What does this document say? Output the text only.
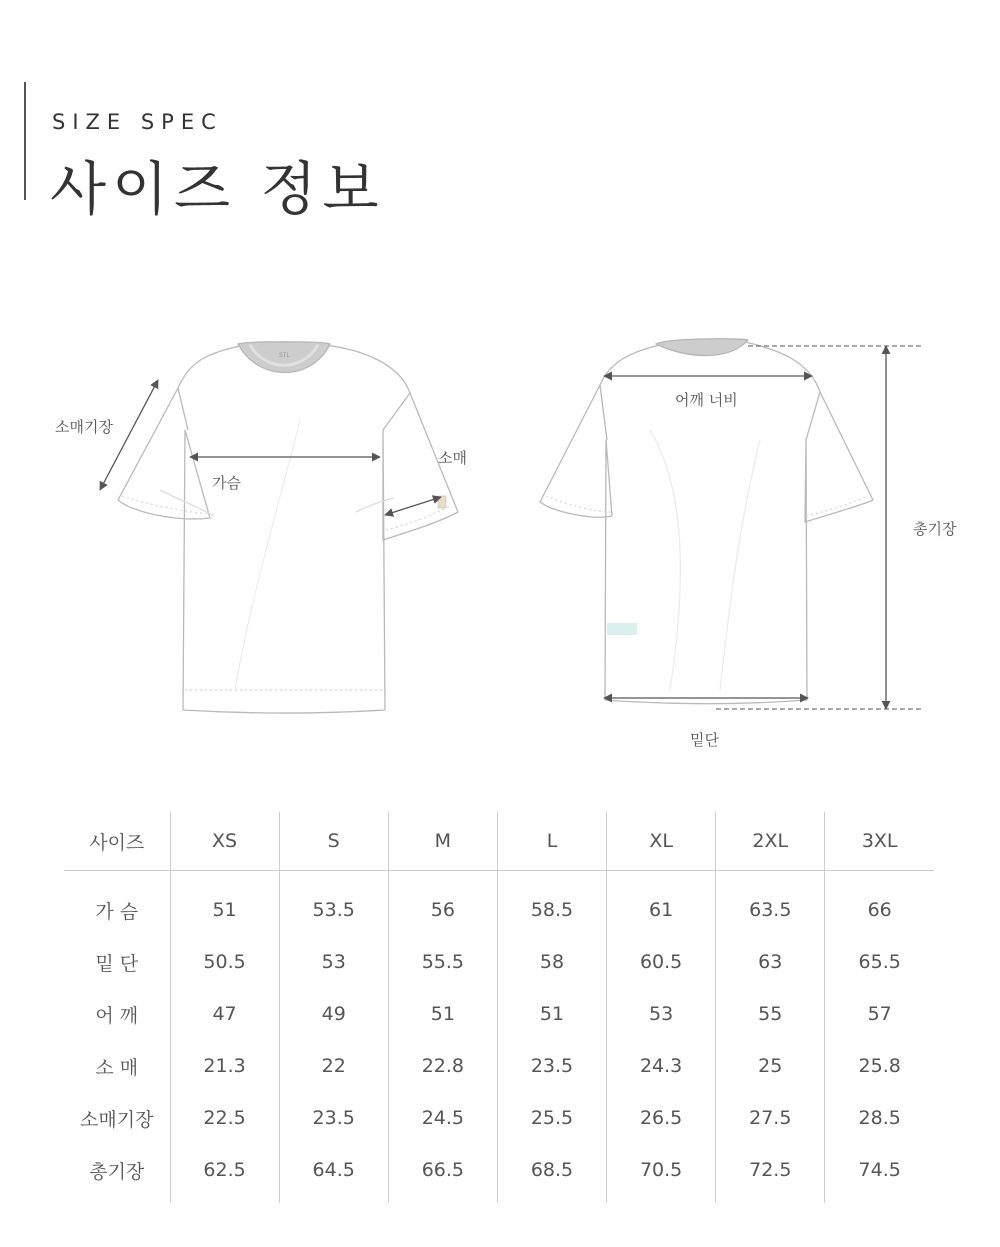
SIZE SPEC
사이즈 정보
소매기장
가슴
소매
어깨 너비
총기장
밑단
STL
사이즈	XS	S	M	L	XL	2XL	3XL
가 슴	51	53.5	56	58.5	61	63.5	66
밑 단	50.5	53	55.5	58	60.5	63	65.5
어 깨	47	49	51	51	53	55	57
소 매	21.3	22	22.8	23.5	24.3	25	25.8
소매기장	22.5	23.5	24.5	25.5	26.5	27.5	28.5
총기장	62.5	64.5	66.5	68.5	70.5	72.5	74.5
